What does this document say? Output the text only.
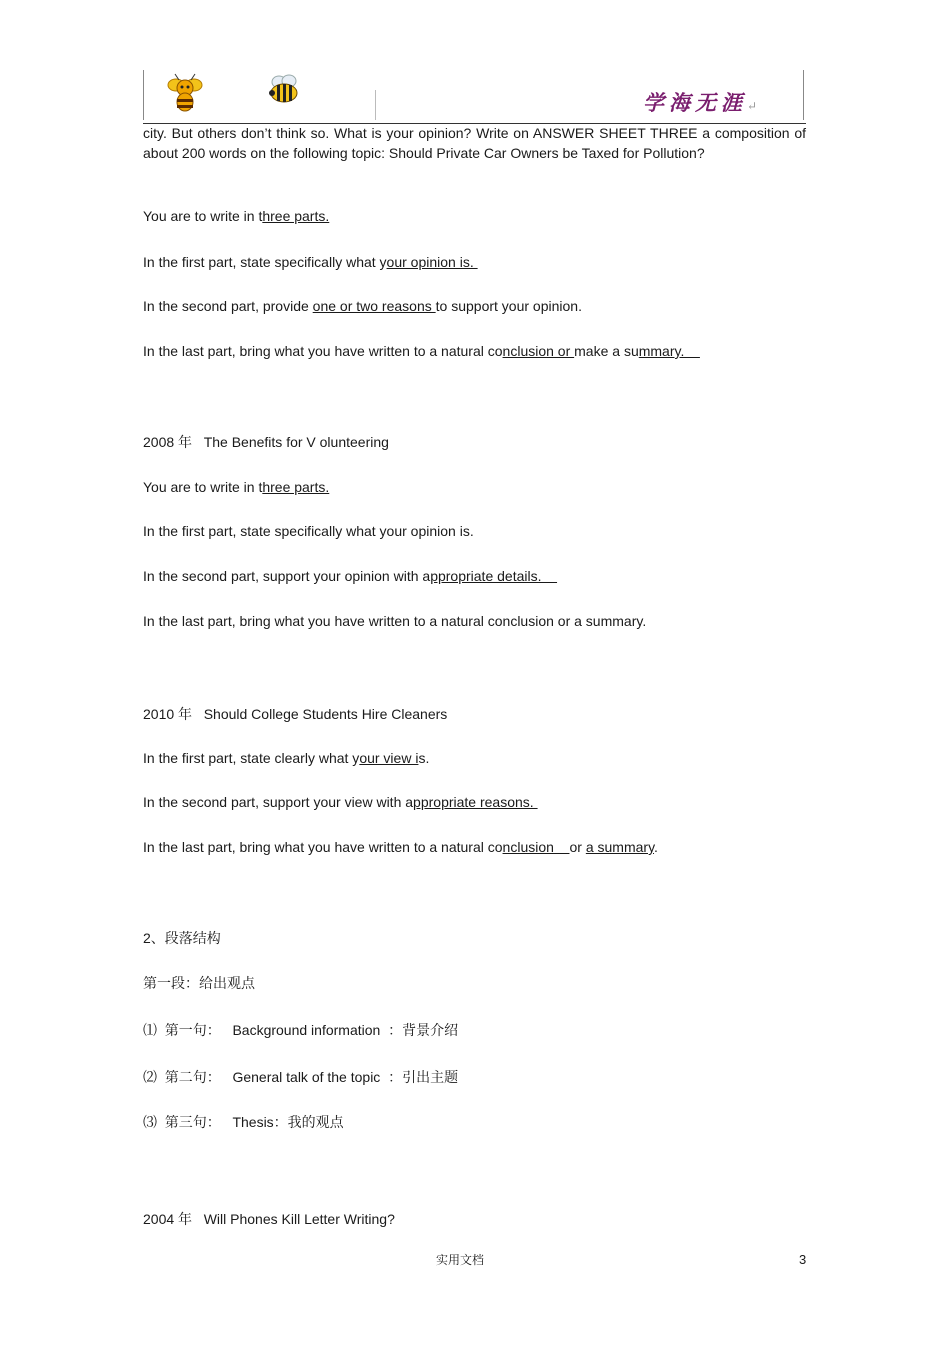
学海无涯↵
city. But others don’t think so. What is your opinion? Write on ANSWER SHEET THREE a composition of about 200 words on the following topic: Should Private Car Owners be Taxed for Pollution?
You are to write in three parts.
In the first part, state specifically what your opinion is.
In the second part, provide one or two reasons to support your opinion.
In the last part, bring what you have written to a natural conclusion or make a summary.
2008 年   The Benefits for V olunteering
You are to write in three parts.
In the first part, state specifically what your opinion is.
In the second part, support your opinion with appropriate details.
In the last part, bring what you have written to a natural conclusion or a summary.
2010 年   Should College Students Hire Cleaners
In the first part, state clearly what your view is.
In the second part, support your view with appropriate reasons.
In the last part, bring what you have written to a natural conclusion    or a summary.
2、段落结构
第一段：给出观点
⑴  第一句：   Background information  ：背景介绍
⑵  第二句：   General talk of the topic  ：引出主题
⑶  第三句：   Thesis：我的观点
2004 年   Will Phones Kill Letter Writing?
实用文档	3
